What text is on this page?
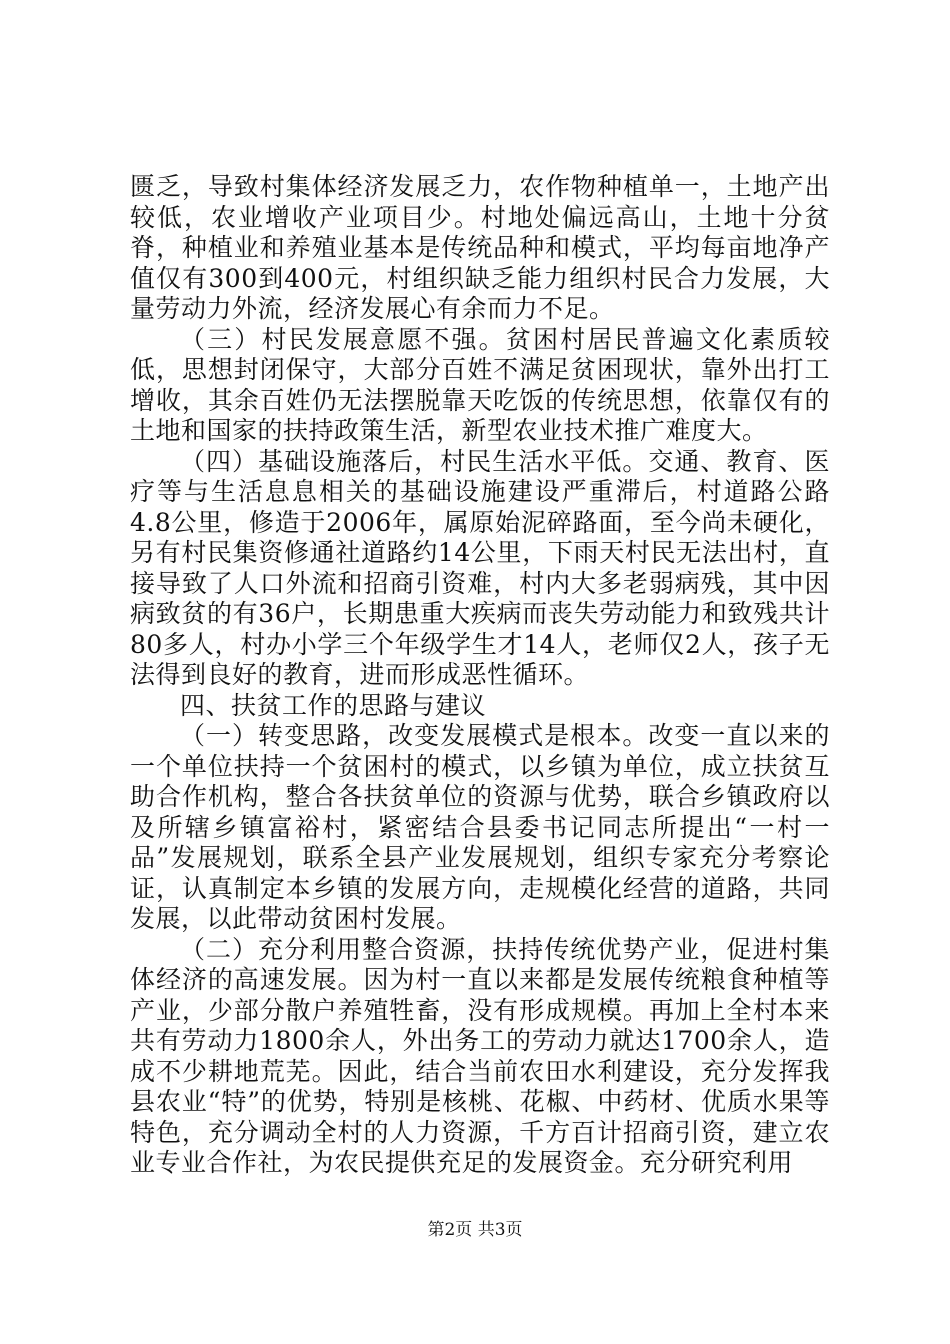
匮乏，导致村集体经济发展乏力，农作物种植单一，土地产出较低，农业增收产业项目少。村地处偏远高山，土地十分贫脊，种植业和养殖业基本是传统品种和模式，平均每亩地净产值仅有300到400元，村组织缺乏能力组织村民合力发展，大量劳动力外流，经济发展心有余而力不足。

（三）村民发展意愿不强。贫困村居民普遍文化素质较低，思想封闭保守，大部分百姓不满足贫困现状，靠外出打工增收，其余百姓仍无法摆脱靠天吃饭的传统思想，依靠仅有的土地和国家的扶持政策生活，新型农业技术推广难度大。

（四）基础设施落后，村民生活水平低。交通、教育、医疗等与生活息息相关的基础设施建设严重滞后，村道路公路4.8公里，修造于2006年，属原始泥碎路面，至今尚未硬化，另有村民集资修通社道路约14公里，下雨天村民无法出村，直接导致了人口外流和招商引资难，村内大多老弱病残，其中因病致贫的有36户，长期患重大疾病而丧失劳动能力和致残共计80多人，村办小学三个年级学生才14人，老师仅2人，孩子无法得到良好的教育，进而形成恶性循环。

四、扶贫工作的思路与建议

（一）转变思路，改变发展模式是根本。改变一直以来的一个单位扶持一个贫困村的模式，以乡镇为单位，成立扶贫互助合作机构，整合各扶贫单位的资源与优势，联合乡镇政府以及所辖乡镇富裕村，紧密结合县委书记同志所提出“一村一品”发展规划，联系全县产业发展规划，组织专家充分考察论证，认真制定本乡镇的发展方向，走规模化经营的道路，共同发展，以此带动贫困村发展。

（二）充分利用整合资源，扶持传统优势产业，促进村集体经济的高速发展。因为村一直以来都是发展传统粮食种植等产业，少部分散户养殖牲畜，没有形成规模。再加上全村本来共有劳动力1800余人，外出务工的劳动力就达1700余人，造成不少耕地荒芜。因此，结合当前农田水利建设，充分发挥我县农业“特”的优势，特别是核桃、花椒、中药材、优质水果等特色，充分调动全村的人力资源，千方百计招商引资，建立农业专业合作社，为农民提供充足的发展资金。充分研究利用

第2页 共3页
